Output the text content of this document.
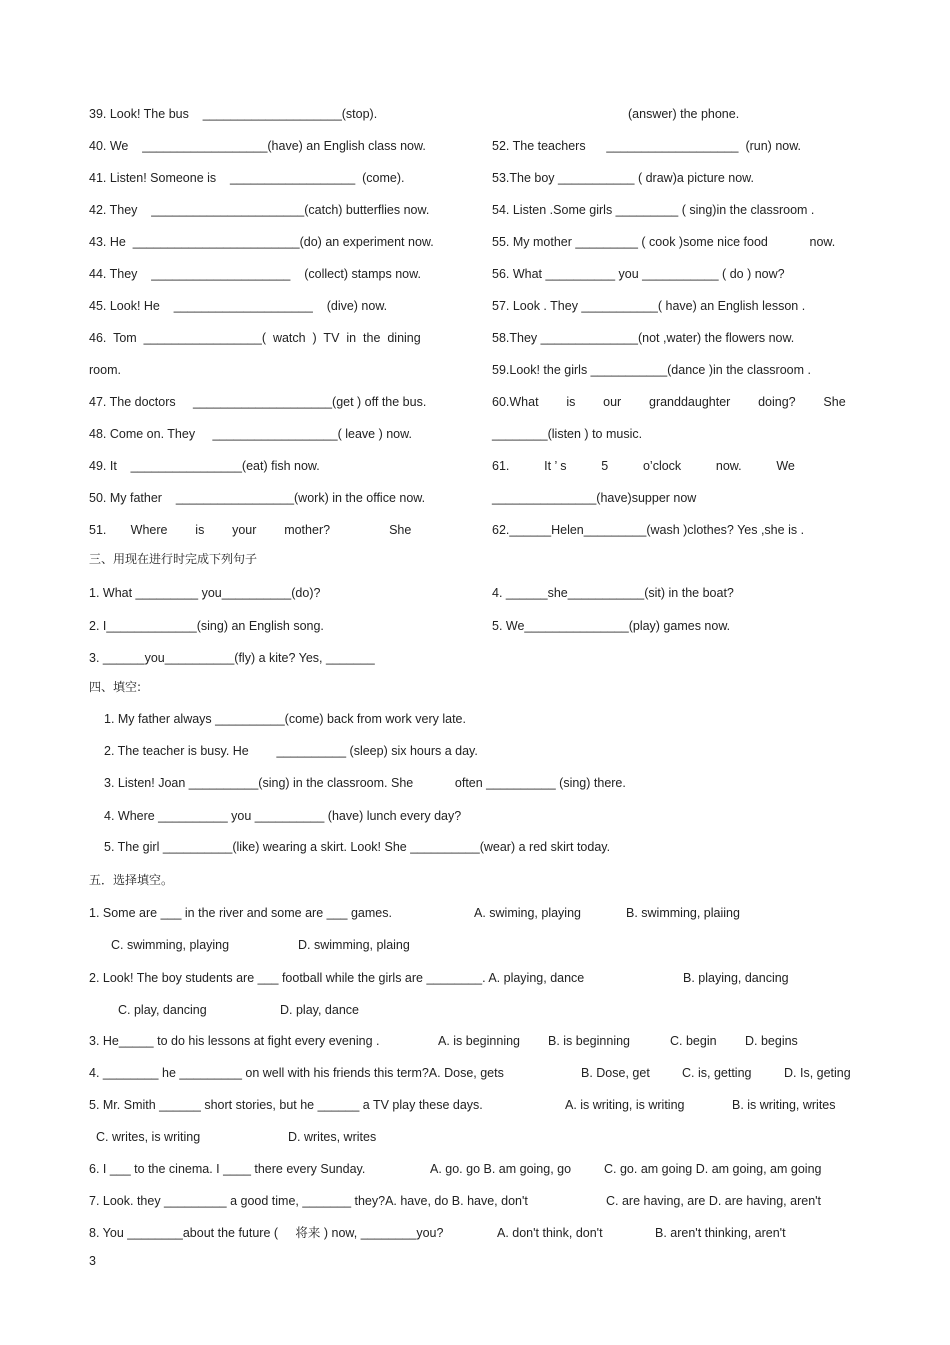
39. Look! The bus    ____________________(stop).
40. We    __________________(have) an English class now.
41. Listen! Someone is    __________________  (come).
42. They    ______________________(catch) butterflies now.
43. He  ________________________(do) an experiment now.
44. They    ____________________    (collect) stamps now.
45. Look! He    ____________________    (dive) now.
46.  Tom  _________________(  watch  )  TV  in  the  dining
room.
47. The doctors     ____________________(get ) off the bus.
48. Come on. They     __________________( leave ) now.
49. It    ________________(eat) fish now.
50. My father    _________________(work) in the office now.
51.       Where        is        your        mother?                 She
(answer) the phone.
52. The teachers      ___________________  (run) now.
53.The boy ___________ ( draw)a picture now.
54. Listen .Some girls _________ ( sing)in the classroom .
55. My mother _________ ( cook )some nice food            now.
56. What __________ you ___________ ( do ) now?
57. Look . They ___________( have) an English lesson .
58.They ______________(not ,water) the flowers now.
59.Look! the girls ___________(dance )in the classroom .
60.What        is        our        granddaughter        doing?        She
________(listen ) to music.
61.          It ’ s          5          o’clock          now.          We
_______________(have)supper now
62.______Helen_________(wash )clothes? Yes ,she is .
三、用现在进行时完成下列句子
1. What _________ you__________(do)?	4. ______she___________(sit) in the boat?
2. I_____________(sing) an English song.	5. We_______________(play) games now.
3. ______you__________(fly) a kite? Yes, _______
四、填空:
1. My father always __________(come) back from work very late.
2. The teacher is busy. He        __________ (sleep) six hours a day.
3. Listen! Joan __________(sing) in the classroom. She            often __________ (sing) there.
4. Where __________ you __________ (have) lunch every day?
5. The girl __________(like) wearing a skirt. Look! She __________(wear) a red skirt today.
五．选择填空。
1. Some are ___ in the river and some are ___ games.	A. swiming, playing	B. swimming, plaiing
C. swimming, playing	D. swimming, plaing
2. Look! The boy students are ___ football while the girls are ________. A. playing, dance	B. playing, dancing
C. play, dancing	D. play, dance
3. He_____ to do his lessons at fight every evening .	A. is beginning B. is beginning	C. begin D. begins
4. ________ he _________ on well with his friends this term?A. Dose, gets	B. Dose, get	C. is, getting	D. Is, geting
5. Mr. Smith ______ short stories, but he ______ a TV play these days.	A. is writing, is writing	B. is writing, writes
C. writes, is writing	D. writes, writes
6. I ___ to the cinema. I ____ there every Sunday.	A. go. go B. am going, go	C. go. am going D. am going, am going
7. Look. they _________ a good time, _______ they?A. have, do B. have, don't	C. are having, are D. are having, aren't
8. You ________about the future (     将来 ) now, ________you?	A. don't think, don't	B. aren't thinking, aren't
3
